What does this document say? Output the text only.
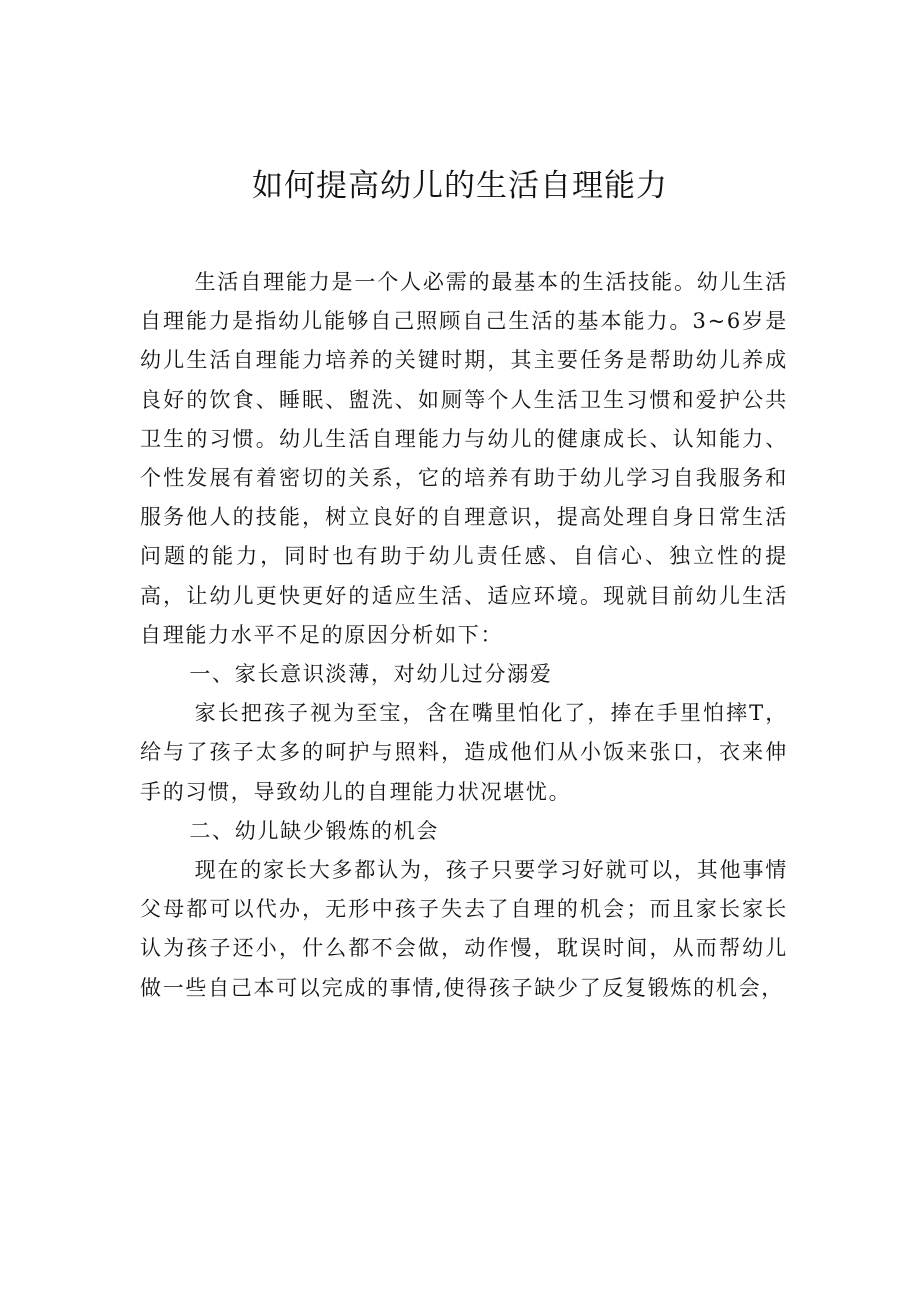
如何提高幼儿的生活自理能力

生活自理能力是一个人必需的最基本的生活技能。幼儿生活自理能力是指幼儿能够自己照顾自己生活的基本能力。3~6岁是幼儿生活自理能力培养的关键时期，其主要任务是帮助幼儿养成良好的饮食、睡眠、盥洗、如厕等个人生活卫生习惯和爱护公共卫生的习惯。幼儿生活自理能力与幼儿的健康成长、认知能力、个性发展有着密切的关系，它的培养有助于幼儿学习自我服务和服务他人的技能，树立良好的自理意识，提高处理自身日常生活问题的能力，同时也有助于幼儿责任感、自信心、独立性的提高，让幼儿更快更好的适应生活、适应环境。现就目前幼儿生活自理能力水平不足的原因分析如下：

一、家长意识淡薄，对幼儿过分溺爱

家长把孩子视为至宝，含在嘴里怕化了，捧在手里怕摔T，给与了孩子太多的呵护与照料，造成他们从小饭来张口，衣来伸手的习惯，导致幼儿的自理能力状况堪忧。

二、幼儿缺少锻炼的机会

现在的家长大多都认为，孩子只要学习好就可以，其他事情父母都可以代办，无形中孩子失去了自理的机会；而且家长家长认为孩子还小，什么都不会做，动作慢，耽误时间，从而帮幼儿做一些自己本可以完成的事情,使得孩子缺少了反复锻炼的机会，
